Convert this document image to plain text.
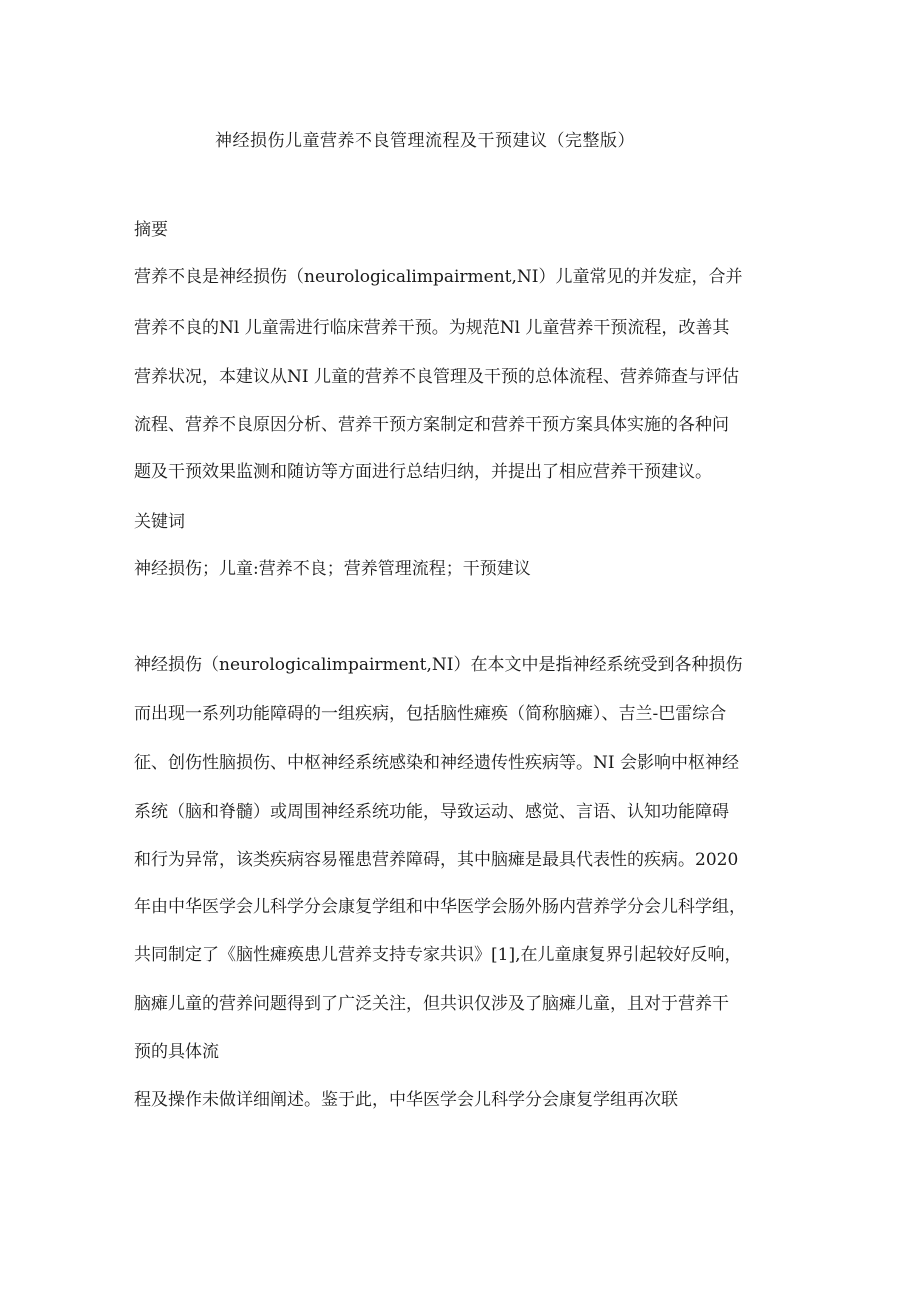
神经损伤儿童营养不良管理流程及干预建议（完整版）
摘要
营养不良是神经损伤（neurologicalimpairment,NI）儿童常见的并发症，合并
营养不良的Nl 儿童需进行临床营养干预。为规范Nl 儿童营养干预流程，改善其
营养状况，本建议从NI 儿童的营养不良管理及干预的总体流程、营养筛查与评估
流程、营养不良原因分析、营养干预方案制定和营养干预方案具体实施的各种问
题及干预效果监测和随访等方面进行总结归纳，并提出了相应营养干预建议。
关键词
神经损伤；儿童:营养不良；营养管理流程；干预建议
神经损伤（neurologicalimpairment,NI）在本文中是指神经系统受到各种损伤
而出现一系列功能障碍的一组疾病，包括脑性瘫痪（简称脑瘫）、吉兰-巴雷综合
征、创伤性脑损伤、中枢神经系统感染和神经遗传性疾病等。NI 会影响中枢神经
系统（脑和脊髓）或周围神经系统功能，导致运动、感觉、言语、认知功能障碍
和行为异常，该类疾病容易罹患营养障碍，其中脑瘫是最具代表性的疾病。2020
年由中华医学会儿科学分会康复学组和中华医学会肠外肠内营养学分会儿科学组，
共同制定了《脑性瘫痪患儿营养支持专家共识》[1],在儿童康复界引起较好反响，
脑瘫儿童的营养问题得到了广泛关注，但共识仅涉及了脑瘫儿童，且对于营养干
预的具体流
程及操作未做详细阐述。鉴于此，中华医学会儿科学分会康复学组再次联
